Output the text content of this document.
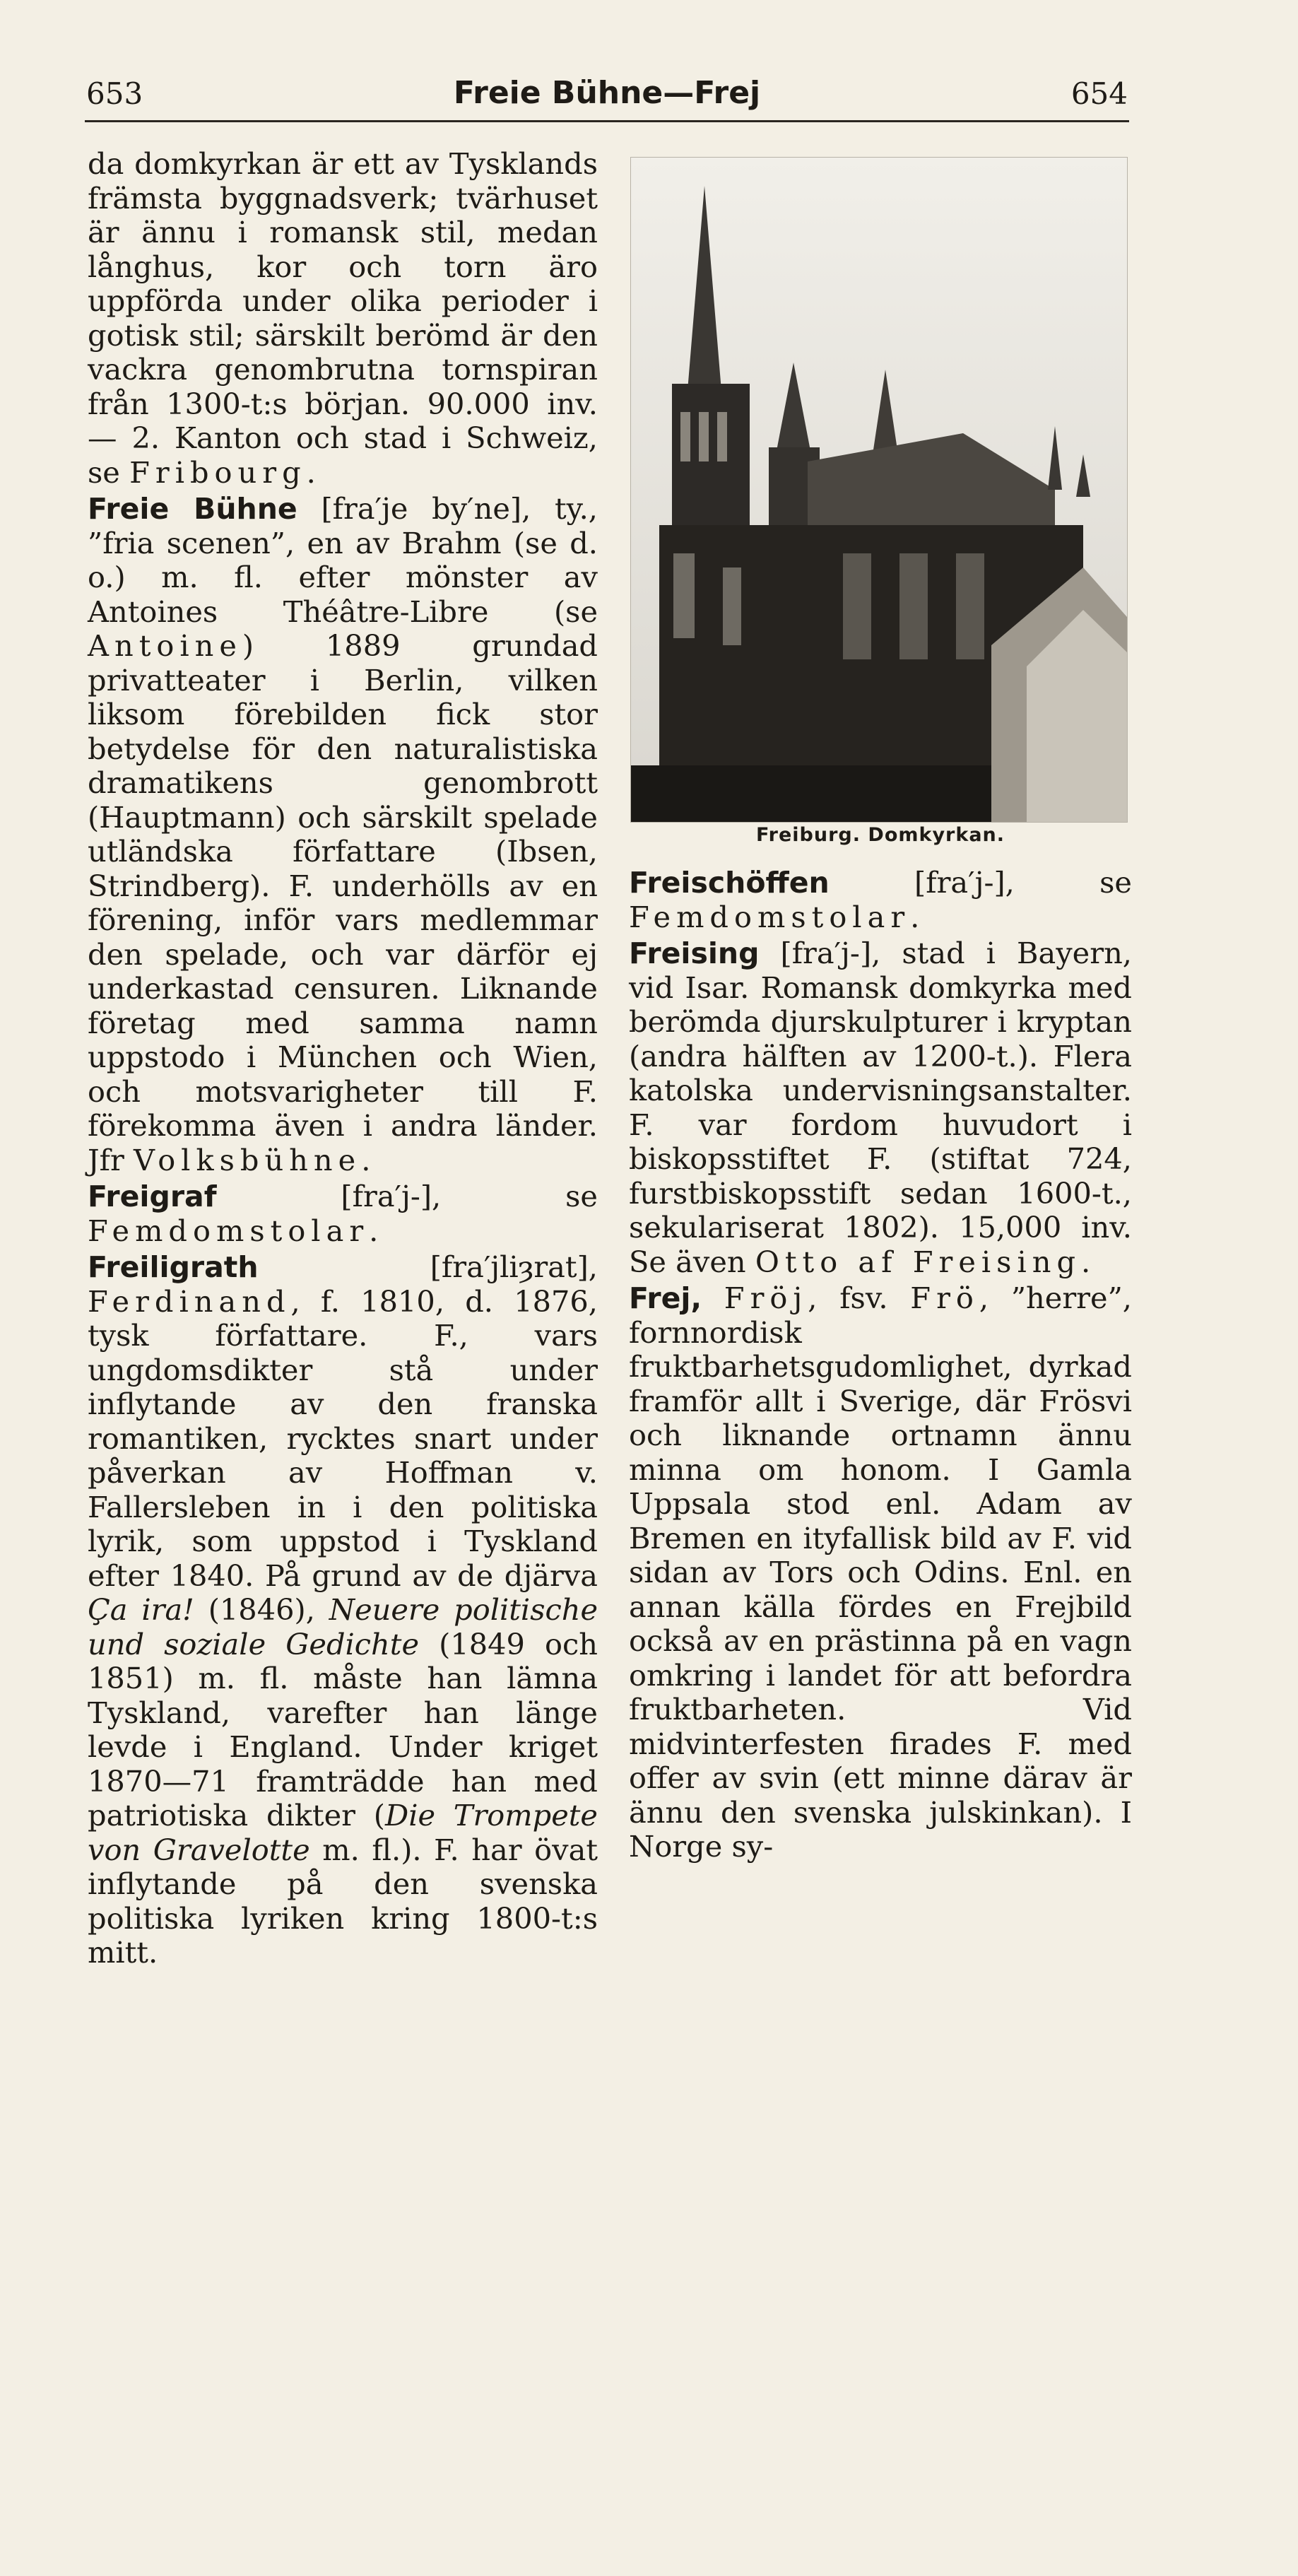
653	Freie Bühne—Frej	654

da domkyrkan är ett av Tysklands främsta byggnadsverk; tvärhuset är ännu i romansk stil, medan långhus, kor och torn äro uppförda under olika perioder i gotisk stil; särskilt berömd är den vackra genombrutna tornspiran från 1300-t:s början. 90.000 inv. — 2. Kanton och stad i Schweiz, se Fribourg.

Freie Bühne [fra′je by′ne], ty., ”fria scenen”, en av Brahm (se d. o.) m. fl. efter mönster av Antoines Théâtre-Libre (se Antoine) 1889 grundad privatteater i Berlin, vilken liksom förebilden fick stor betydelse för den naturalistiska dramatikens genombrott (Hauptmann) och särskilt spelade utländska författare (Ibsen, Strindberg). F. underhölls av en förening, inför vars medlemmar den spelade, och var därför ej underkastad censuren. Liknande företag med samma namn uppstodo i München och Wien, och motsvarigheter till F. förekomma även i andra länder. Jfr Volksbühne.

Freigraf [fra′j-], se Femdomstolar.

Freiligrath [fra′jliȝrat], Ferdinand, f. 1810, d. 1876, tysk författare. F., vars ungdomsdikter stå under inflytande av den franska romantiken, rycktes snart under påverkan av Hoffman v. Fallersleben in i den politiska lyrik, som uppstod i Tyskland efter 1840. På grund av de djärva Ça ira! (1846), Neuere politische und soziale Gedichte (1849 och 1851) m. fl. måste han lämna Tyskland, varefter han länge levde i England. Under kriget 1870—71 framträdde han med patriotiska dikter (Die Trompete von Gravelotte m. fl.). F. har övat inflytande på den svenska politiska lyriken kring 1800-t:s mitt.

Freiburg. Domkyrkan.

Freischöffen [fra′j-], se Femdomstolar.

Freising [fra′j-], stad i Bayern, vid Isar. Romansk domkyrka med berömda djurskulpturer i kryptan (andra hälften av 1200-t.). Flera katolska undervisningsanstalter. F. var fordom huvudort i biskopsstiftet F. (stiftat 724, furstbiskopsstift sedan 1600-t., sekulariserat 1802). 15,000 inv. Se även Otto af Freising.

Frej, Fröj, fsv. Frö, ”herre”, fornnordisk fruktbarhetsgudomlighet, dyrkad framför allt i Sverige, där Frösvi och liknande ortnamn ännu minna om honom. I Gamla Uppsala stod enl. Adam av Bremen en ityfallisk bild av F. vid sidan av Tors och Odins. Enl. en annan källa fördes en Frejbild också av en prästinna på en vagn omkring i landet för att befordra fruktbarheten. Vid midvinterfesten firades F. med offer av svin (ett minne därav är ännu den svenska julskinkan). I Norge sy-
